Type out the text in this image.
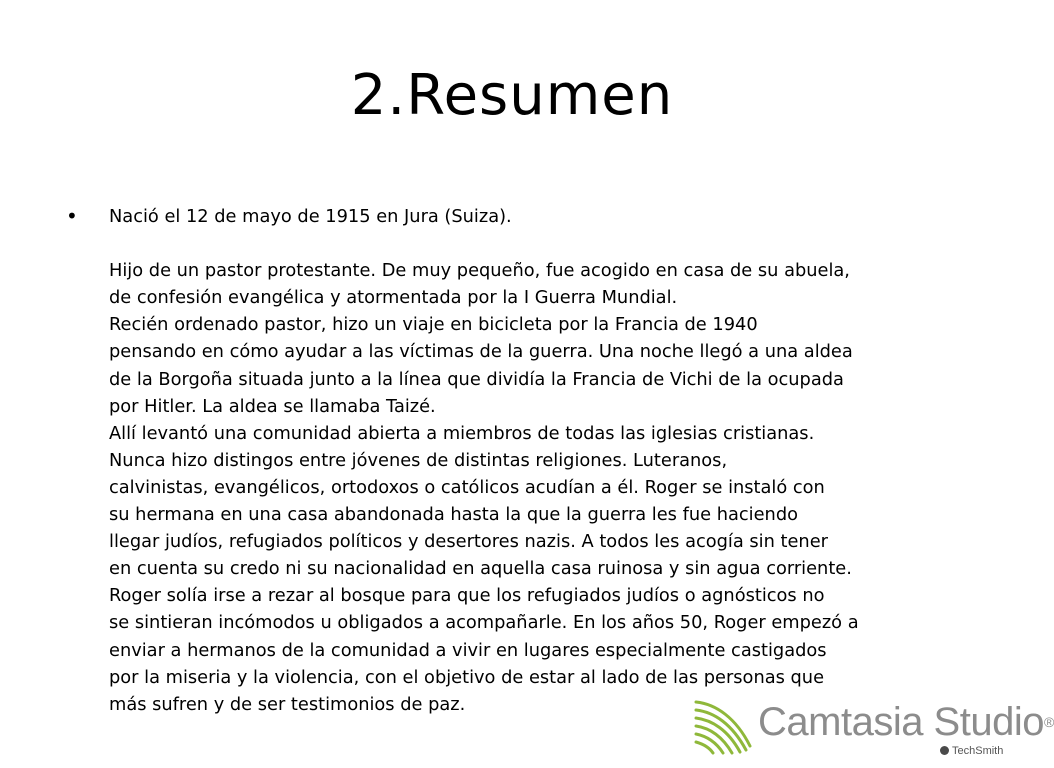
2.Resumen
• Nació el 12 de mayo de 1915 en Jura (Suiza).
Hijo de un pastor protestante. De muy pequeño, fue acogido en casa de su abuela,
de confesión evangélica y atormentada por la I Guerra Mundial.
Recién ordenado pastor, hizo un viaje en bicicleta por la Francia de 1940
pensando en cómo ayudar a las víctimas de la guerra. Una noche llegó a una aldea
de la Borgoña situada junto a la línea que dividía la Francia de Vichi de la ocupada
por Hitler. La aldea se llamaba Taizé.
Allí levantó una comunidad abierta a miembros de todas las iglesias cristianas.
Nunca hizo distingos entre jóvenes de distintas religiones. Luteranos,
calvinistas, evangélicos, ortodoxos o católicos acudían a él. Roger se instaló con
su hermana en una casa abandonada hasta la que la guerra les fue haciendo
llegar judíos, refugiados políticos y desertores nazis. A todos les acogía sin tener
en cuenta su credo ni su nacionalidad en aquella casa ruinosa y sin agua corriente.
Roger solía irse a rezar al bosque para que los refugiados judíos o agnósticos no
se sintieran incómodos u obligados a acompañarle. En los años 50, Roger empezó a
enviar a hermanos de la comunidad a vivir en lugares especialmente castigados
por la miseria y la violencia, con el objetivo de estar al lado de las personas que
más sufren y de ser testimonios de paz.	Camtasia Studio®
TechSmith
